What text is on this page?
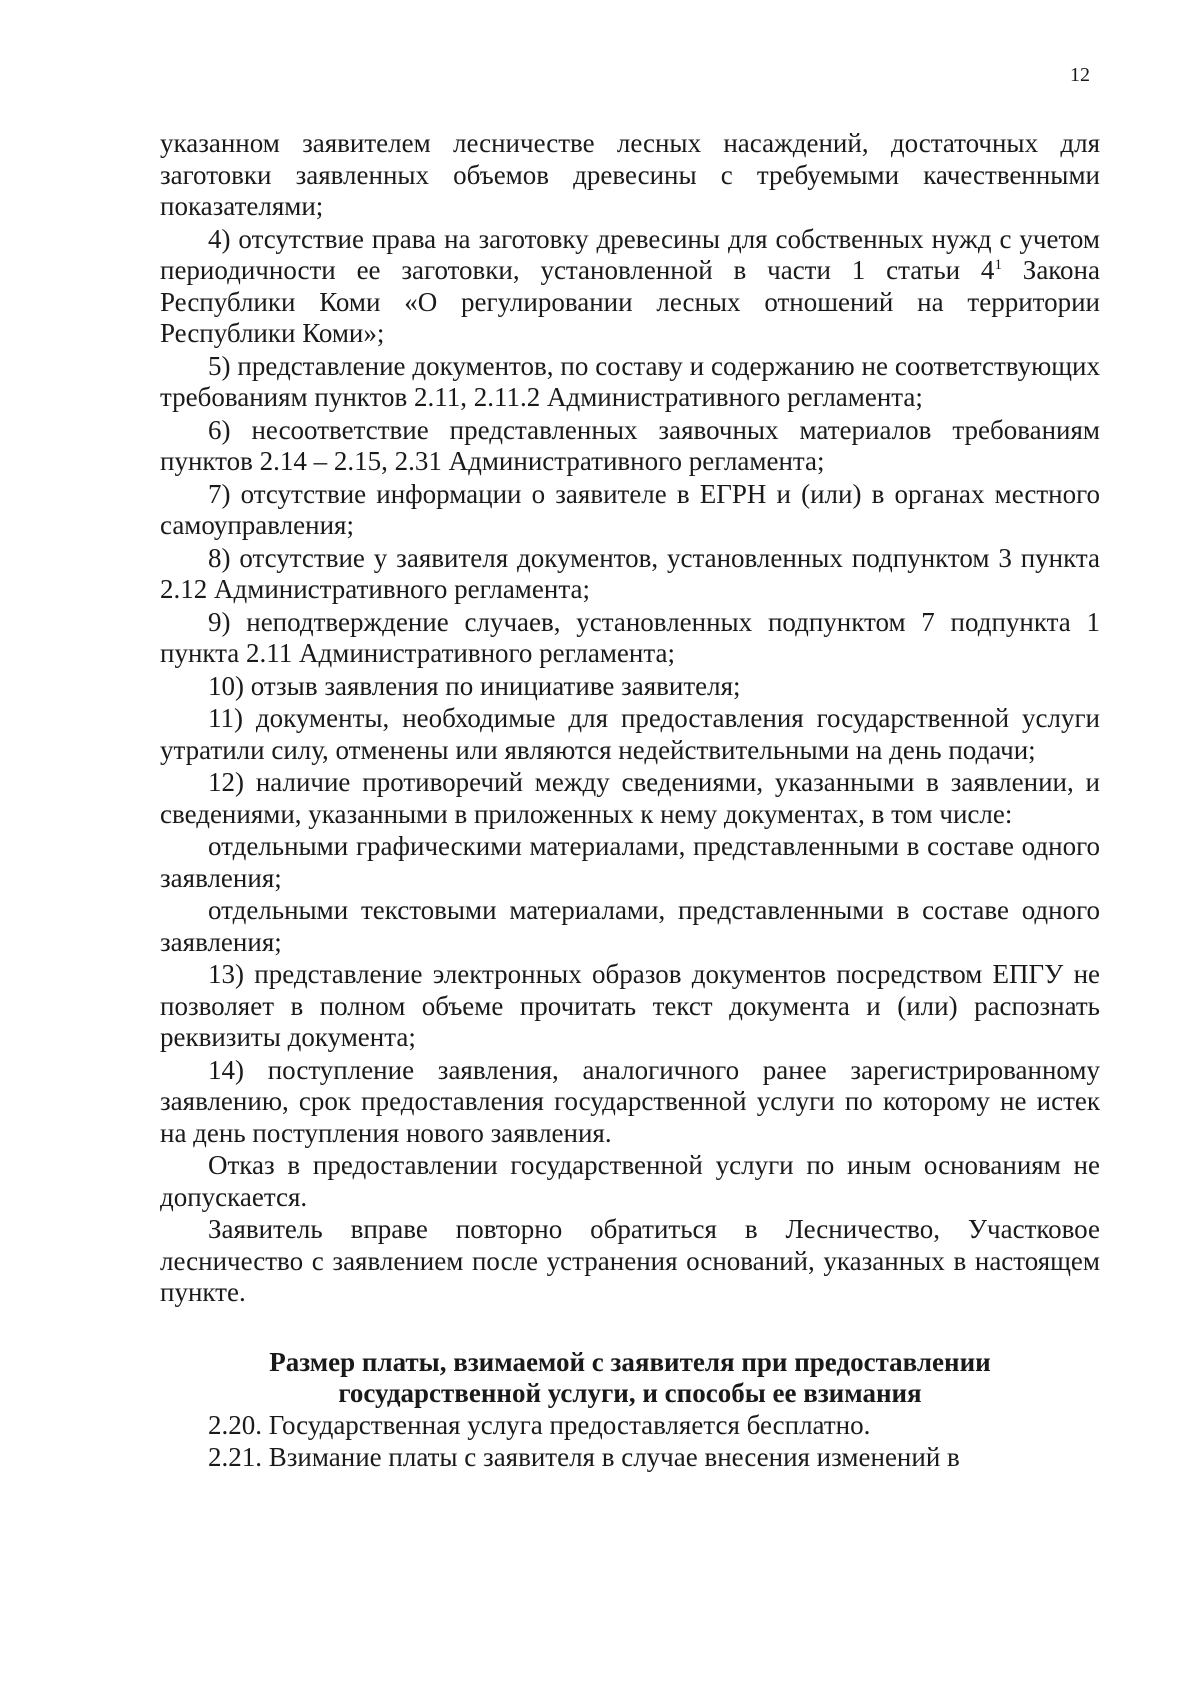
12

указанном заявителем лесничестве лесных насаждений, достаточных для заготовки заявленных объемов древесины с требуемыми качественными показателями;

4) отсутствие права на заготовку древесины для собственных нужд с учетом периодичности ее заготовки, установленной в части 1 статьи $4^1$ Закона Республики Коми «О регулировании лесных отношений на территории Республики Коми»;

5) представление документов, по составу и содержанию не соответствующих требованиям пунктов 2.11, 2.11.2 Административного регламента;

6) несоответствие представленных заявочных материалов требованиям пунктов 2.14 – 2.15, 2.31 Административного регламента;

7) отсутствие информации о заявителе в ЕГРН и (или) в органах местного самоуправления;

8) отсутствие у заявителя документов, установленных подпунктом 3 пункта 2.12 Административного регламента;

9) неподтверждение случаев, установленных подпунктом 7 подпункта 1 пункта 2.11 Административного регламента;

10) отзыв заявления по инициативе заявителя;

11) документы, необходимые для предоставления государственной услуги утратили силу, отменены или являются недействительными на день подачи;

12) наличие противоречий между сведениями, указанными в заявлении, и сведениями, указанными в приложенных к нему документах, в том числе:

отдельными графическими материалами, представленными в составе одного заявления;

отдельными текстовыми материалами, представленными в составе одного заявления;

13) представление электронных образов документов посредством ЕПГУ не позволяет в полном объеме прочитать текст документа и (или) распознать реквизиты документа;

14) поступление заявления, аналогичного ранее зарегистрированному заявлению, срок предоставления государственной услуги по которому не истек на день поступления нового заявления.

Отказ в предоставлении государственной услуги по иным основаниям не допускается.

Заявитель вправе повторно обратиться в Лесничество, Участковое лесничество с заявлением после устранения оснований, указанных в настоящем пункте.

Размер платы, взимаемой с заявителя при предоставлении
государственной услуги, и способы ее взимания

2.20. Государственная услуга предоставляется бесплатно.

2.21. Взимание платы с заявителя в случае внесения изменений в
